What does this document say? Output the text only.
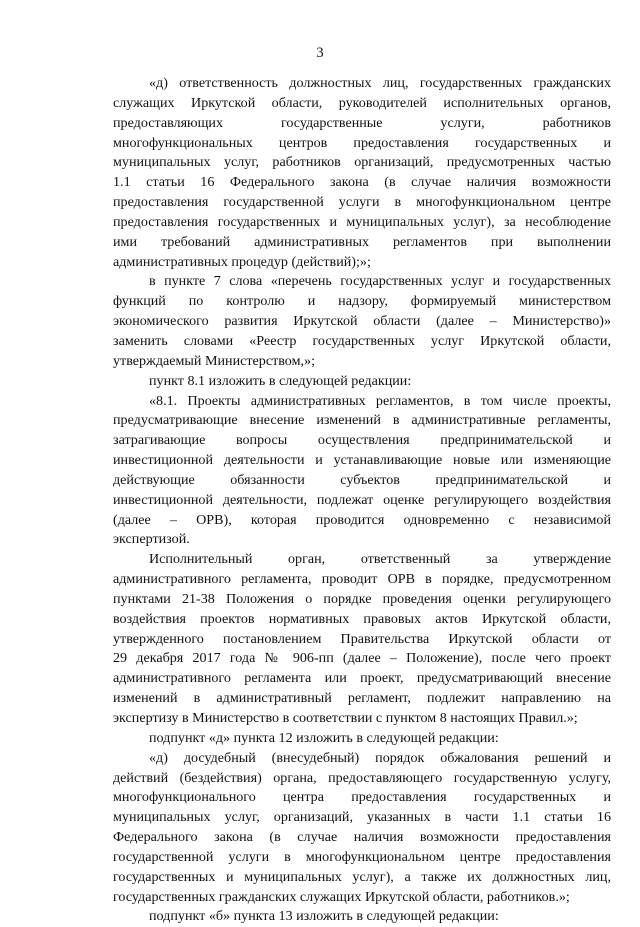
3
«д) ответственность должностных лиц, государственных гражданских
служащих Иркутской области, руководителей исполнительных органов,
предоставляющих государственные услуги, работников
многофункциональных центров предоставления государственных и
муниципальных услуг, работников организаций, предусмотренных частью
1.1 статьи 16 Федерального закона (в случае наличия возможности
предоставления государственной услуги в многофункциональном центре
предоставления государственных и муниципальных услуг), за несоблюдение
ими требований административных регламентов при выполнении
административных процедур (действий);»;
в пункте 7 слова «перечень государственных услуг и государственных
функций по контролю и надзору, формируемый министерством
экономического развития Иркутской области (далее – Министерство)»
заменить словами «Реестр государственных услуг Иркутской области,
утверждаемый Министерством,»;
пункт 8.1 изложить в следующей редакции:
«8.1. Проекты административных регламентов, в том числе проекты,
предусматривающие внесение изменений в административные регламенты,
затрагивающие вопросы осуществления предпринимательской и
инвестиционной деятельности и устанавливающие новые или изменяющие
действующие обязанности субъектов предпринимательской и
инвестиционной деятельности, подлежат оценке регулирующего воздействия
(далее – ОРВ), которая проводится одновременно с независимой
экспертизой.
Исполнительный орган, ответственный за утверждение
административного регламента, проводит ОРВ в порядке, предусмотренном
пунктами 21-38 Положения о порядке проведения оценки регулирующего
воздействия проектов нормативных правовых актов Иркутской области,
утвержденного постановлением Правительства Иркутской области от
29 декабря 2017 года № 906-пп (далее – Положение), после чего проект
административного регламента или проект, предусматривающий внесение
изменений в административный регламент, подлежит направлению на
экспертизу в Министерство в соответствии с пунктом 8 настоящих Правил.»;
подпункт «д» пункта 12 изложить в следующей редакции:
«д) досудебный (внесудебный) порядок обжалования решений и
действий (бездействия) органа, предоставляющего государственную услугу,
многофункционального центра предоставления государственных и
муниципальных услуг, организаций, указанных в части 1.1 статьи 16
Федерального закона (в случае наличия возможности предоставления
государственной услуги в многофункциональном центре предоставления
государственных и муниципальных услуг), а также их должностных лиц,
государственных гражданских служащих Иркутской области, работников.»;
подпункт «б» пункта 13 изложить в следующей редакции:
